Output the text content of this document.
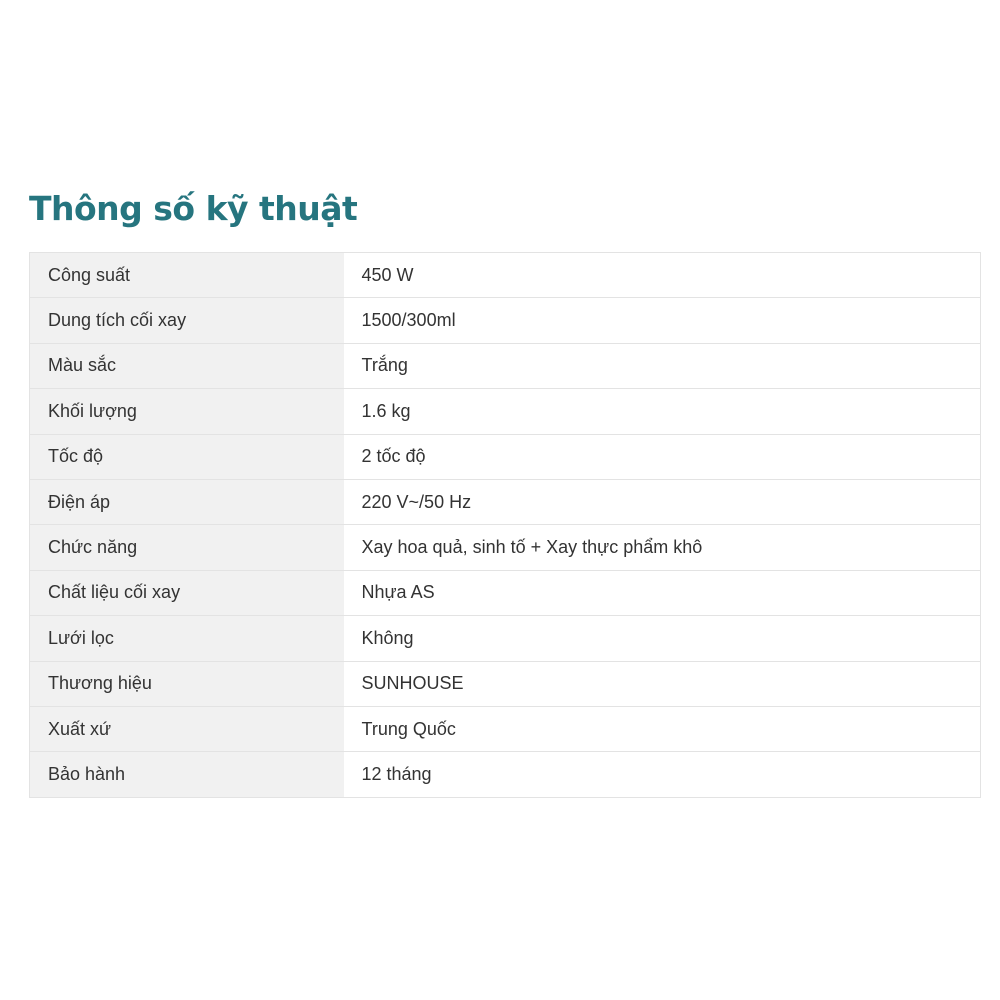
Thông số kỹ thuật
Công suất	450 W
Dung tích cối xay	1500/300ml
Màu sắc	Trắng
Khối lượng	1.6 kg
Tốc độ	2 tốc độ
Điện áp	220 V~/50 Hz
Chức năng	Xay hoa quả, sinh tố + Xay thực phẩm khô
Chất liệu cối xay	Nhựa AS
Lưới lọc	Không
Thương hiệu	SUNHOUSE
Xuất xứ	Trung Quốc
Bảo hành	12 tháng
